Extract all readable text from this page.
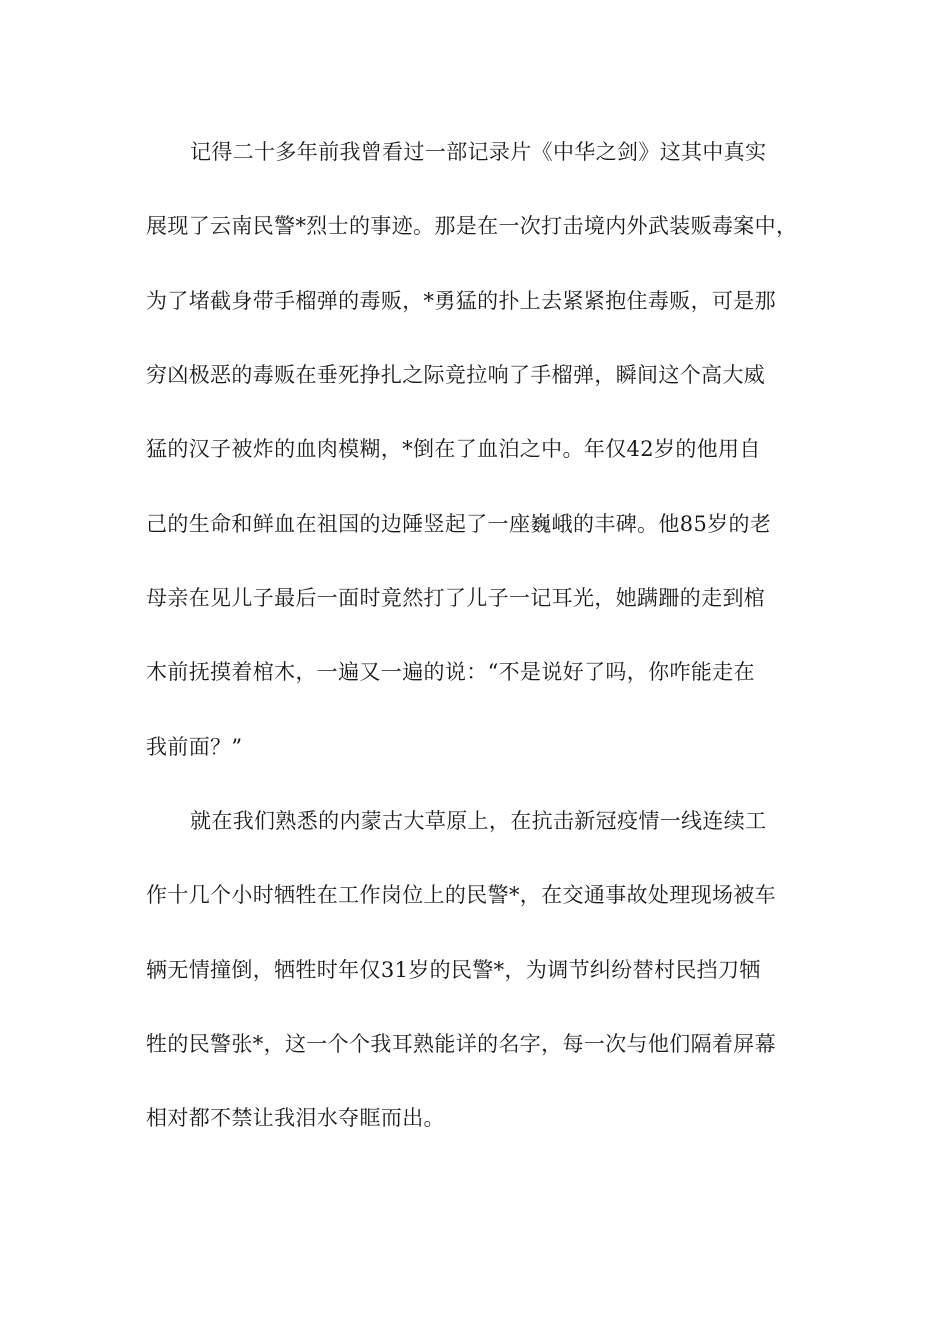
记得二十多年前我曾看过一部记录片《中华之剑》这其中真实
展现了云南民警*烈士的事迹。那是在一次打击境内外武装贩毒案中，
为了堵截身带手榴弹的毒贩，*勇猛的扑上去紧紧抱住毒贩，可是那
穷凶极恶的毒贩在垂死挣扎之际竟拉响了手榴弹，瞬间这个高大威
猛的汉子被炸的血肉模糊，*倒在了血泊之中。年仅42岁的他用自
己的生命和鲜血在祖国的边陲竖起了一座巍峨的丰碑。他85岁的老
母亲在见儿子最后一面时竟然打了儿子一记耳光，她蹒跚的走到棺
木前抚摸着棺木，一遍又一遍的说：“不是说好了吗，你咋能走在
我前面？”
就在我们熟悉的内蒙古大草原上，在抗击新冠疫情一线连续工
作十几个小时牺牲在工作岗位上的民警*，在交通事故处理现场被车
辆无情撞倒，牺牲时年仅31岁的民警*，为调节纠纷替村民挡刀牺
牲的民警张*，这一个个我耳熟能详的名字，每一次与他们隔着屏幕
相对都不禁让我泪水夺眶而出。
